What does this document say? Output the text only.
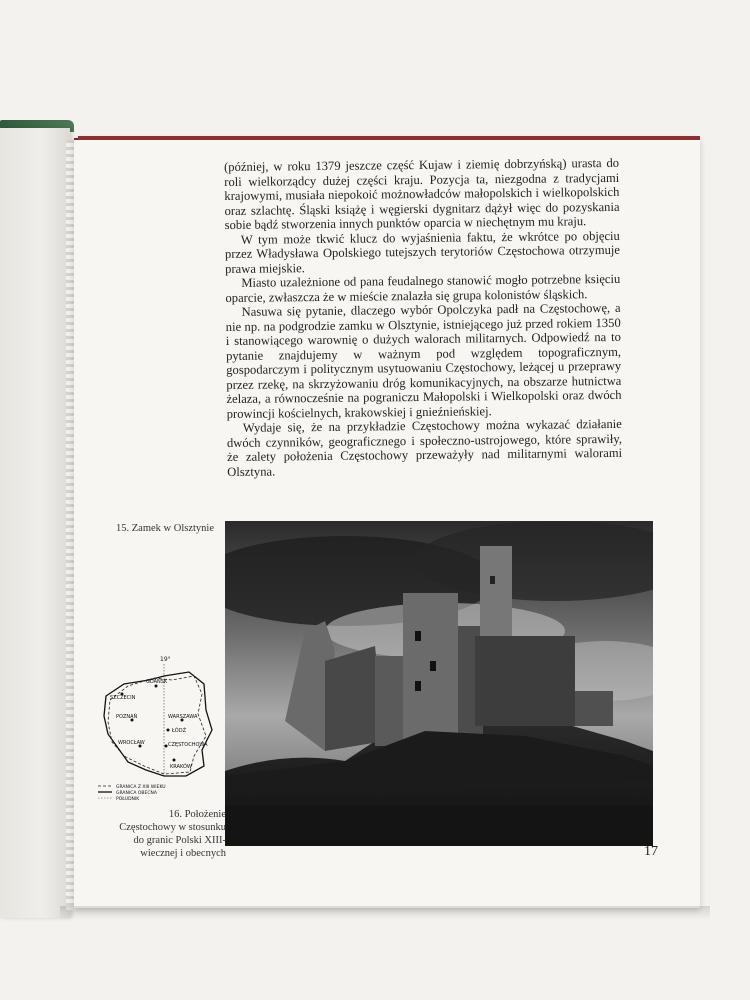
(później, w roku 1379 jeszcze część Kujaw i ziemię dobrzyńską) urasta do roli wielkorządcy dużej części kraju. Pozycja ta, niezgodna z tradycjami krajowymi, musiała niepokoić możnowładców małopolskich i wielkopolskich oraz szlachtę. Śląski książę i węgierski dygnitarz dążył więc do pozyskania sobie bądź stworzenia innych punktów oparcia w niechętnym mu kraju.

W tym może tkwić klucz do wyjaśnienia faktu, że wkrótce po objęciu przez Władysława Opolskiego tutejszych terytoriów Częstochowa otrzymuje prawa miejskie.

Miasto uzależnione od pana feudalnego stanowić mogło potrzebne księciu oparcie, zwłaszcza że w mieście znalazła się grupa kolonistów śląskich.

Nasuwa się pytanie, dlaczego wybór Opolczyka padł na Częstochowę, a nie np. na podgrodzie zamku w Olsztynie, istniejącego już przed rokiem 1350 i stanowiącego warownię o dużych walorach militarnych. Odpowiedź na to pytanie znajdujemy w ważnym pod względem topograficznym, gospodarczym i politycznym usytuowaniu Częstochowy, leżącej u przeprawy przez rzekę, na skrzyżowaniu dróg komunikacyjnych, na obszarze hutnictwa żelaza, a równocześnie na pograniczu Małopolski i Wielkopolski oraz dwóch prowincji kościelnych, krakowskiej i gnieźnieńskiej.

Wydaje się, że na przykładzie Częstochowy można wykazać działanie dwóch czynników, geograficznego i społeczno-ustrojowego, które sprawiły, że zalety położenia Częstochowy przeważyły nad militarnymi walorami Olsztyna.

15. Zamek w Olsztynie
19°
GDAŃSK
SZCZECIN
POZNAŃ	WARSZAWA
ŁÓDŹ
WROCŁAW	CZĘSTOCHOWA
KRAKÓW
GRANICA Z XIII WIEKU
GRANICA OBECNA
POŁUDNIK
16. Położenie Częstochowy w stosunku do granic Polski XIII-wiecznej i obecnych	17
